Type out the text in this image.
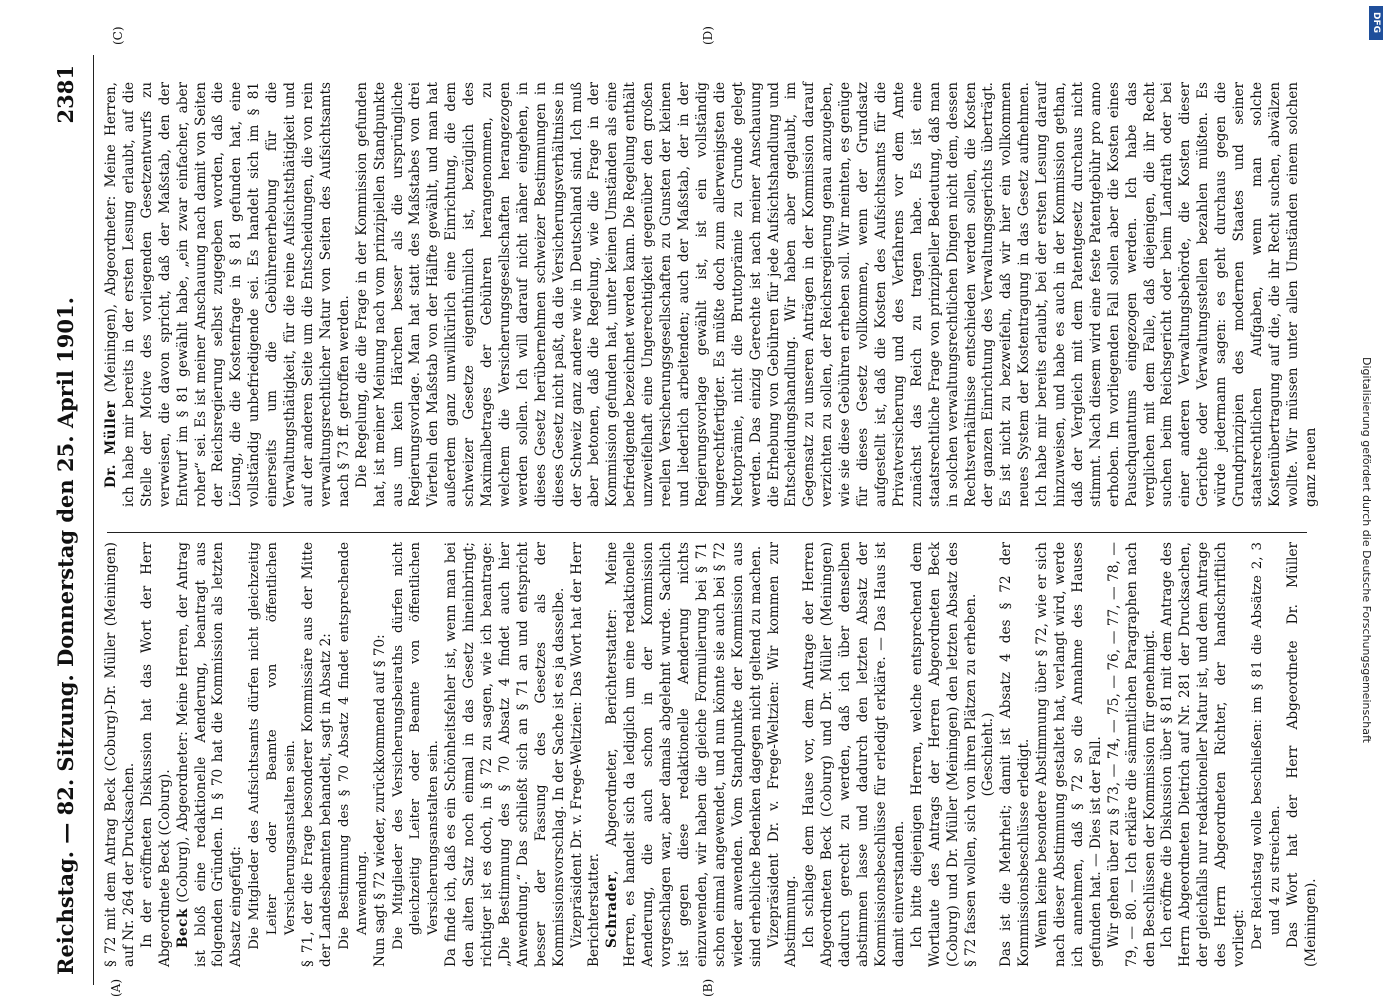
Reichstag. — 82. Sitzung. Donnerstag den 25. April 1901.
2381
(A)	(B)
(C)	(D)

§ 72 mit dem Antrag Beck (Coburg)-Dr. Müller (Meiningen) auf Nr. 264 der Drucksachen. In der eröffneten Diskussion hat das Wort der Herr Abgeordnete Beck (Coburg). Beck (Coburg), Abgeordneter: Meine Herren, der Antrag ist bloß eine redaktionelle Aenderung, beantragt aus folgenden Gründen. In § 70 hat die Kommission als letzten Absatz eingefügt: Die Mitglieder des Aufsichtsamts dürfen nicht gleichzeitig Leiter oder Beamte von öffentlichen Versicherungsanstalten sein. § 71, der die Frage besonderer Kommissäre aus der Mitte der Landesbeamten behandelt, sagt in Absatz 2: Die Bestimmung des § 70 Absatz 4 findet entsprechende Anwendung. Nun sagt § 72 wieder, zurückkommend auf § 70: Die Mitglieder des Versicherungsbeiraths dürfen nicht gleichzeitig Leiter oder Beamte von öffentlichen Versicherungsanstalten sein. Da finde ich, daß es ein Schönheitsfehler ist, wenn man bei den alten Satz noch einmal in das Gesetz hineinbringt; richtiger ist es doch, in § 72 zu sagen, wie ich beantrage: „Die Bestimmung des § 70 Absatz 4 findet auch hier Anwendung.“ Das schließt sich an § 71 an und entspricht besser der Fassung des Gesetzes als der Kommissionsvorschlag. In der Sache ist es ja dasselbe. Vizepräsident Dr. v. Frege-Weltzien: Das Wort hat der Herr Berichterstatter. Schrader, Abgeordneter, Berichterstatter: Meine Herren, es handelt sich da lediglich um eine redaktionelle Aenderung, die auch schon in der Kommission vorgeschlagen war, aber damals abgelehnt wurde. Sachlich ist gegen diese redaktionelle Aenderung nichts einzuwenden, wir haben die gleiche Formulierung bei § 71 schon einmal angewendet, und nun könnte sie auch bei § 72 wieder anwenden. Vom Standpunkte der Kommission aus sind erhebliche Bedenken dagegen nicht geltend zu machen. Vizepräsident Dr. v. Frege-Weltzien: Wir kommen zur Abstimmung. Ich schlage dem Hause vor, dem Antrage der Herren Abgeordneten Beck (Coburg) und Dr. Müller (Meiningen) dadurch gerecht zu werden, daß ich über denselben abstimmen lasse und dadurch den letzten Absatz der Kommissionsbeschlüsse für erledigt erkläre. — Das Haus ist damit einverstanden. Ich bitte diejenigen Herren, welche entsprechend dem Wortlaute des Antrags der Herren Abgeordneten Beck (Coburg) und Dr. Müller (Meiningen) den letzten Absatz des § 72 fassen wollen, sich von ihren Plätzen zu erheben. (Geschieht.) Das ist die Mehrheit; damit ist Absatz 4 des § 72 der Kommissionsbeschlüsse erledigt. Wenn keine besondere Abstimmung über § 72, wie er sich nach dieser Abstimmung gestaltet hat, verlangt wird, werde ich annehmen, daß § 72 so die Annahme des Hauses gefunden hat. — Dies ist der Fall. Wir gehen über zu § 73, — 74, — 75, — 76, — 77, — 78, — 79, — 80. — Ich erkläre die sämmtlichen Paragraphen nach den Beschlüssen der Kommission für genehmigt. Ich eröffne die Diskussion über § 81 mit dem Antrage des Herrn Abgeordneten Dietrich auf Nr. 281 der Drucksachen, der gleichfalls nur redaktioneller Natur ist, und dem Antrage des Herrn Abgeordneten Richter, der handschriftlich vorliegt: Der Reichstag wolle beschließen: im § 81 die Absätze 2, 3 und 4 zu streichen. Das Wort hat der Herr Abgeordnete Dr. Müller (Meiningen).

Dr. Müller (Meiningen), Abgeordneter: Meine Herren, ich habe mir bereits in der ersten Lesung erlaubt, auf die Stelle der Motive des vorliegenden Gesetzentwurfs zu verweisen, die davon spricht, daß der Maßstab, den der Entwurf im § 81 gewählt habe, „ein zwar einfacher, aber roher“ sei. Es ist meiner Anschauung nach damit von Seiten der Reichsregierung selbst zugegeben worden, daß die Lösung, die die Kostenfrage in § 81 gefunden hat, eine vollständig unbefriedigende sei. Es handelt sich im § 81 einerseits um die Gebührenerhebung für die Verwaltungsthätigkeit, für die reine Aufsichtsthätigkeit und auf der anderen Seite um die Entscheidungen, die von rein verwaltungsrechtlicher Natur von Seiten des Aufsichtsamts nach § 73 ff. getroffen werden. Die Regelung, die die Frage in der Kommission gefunden hat, ist meiner Meinung nach vom prinzipiellen Standpunkte aus um kein Härchen besser als die ursprüngliche Regierungsvorlage. Man hat statt des Maßstabes von drei Vierteln den Maßstab von der Hälfte gewählt, und man hat außerdem ganz unwillkürlich eine Einrichtung, die dem schweizer Gesetze eigenthümlich ist, bezüglich des Maximalbetrages der Gebühren herangenommen, zu welchem die Versicherungsgesellschaften herangezogen werden sollen. Ich will darauf nicht näher eingehen, in dieses Gesetz herübernehmen schweizer Bestimmungen in dieses Gesetz nicht paßt, da die Versicherungsverhältnisse in der Schweiz ganz andere wie in Deutschland sind. Ich muß aber betonen, daß die Regelung, wie die Frage in der Kommission gefunden hat, unter keinen Umständen als eine befriedigende bezeichnet werden kann. Die Regelung enthält unzweifelhaft eine Ungerechtigkeit gegenüber den großen reellen Versicherungsgesellschaften zu Gunsten der kleinen und liederlich arbeitenden; auch der Maßstab, der in der Regierungsvorlage gewählt ist, ist ein vollständig ungerechtfertigter. Es müßte doch zum allerwenigsten die Nettoprämie, nicht die Bruttoprämie zu Grunde gelegt werden. Das einzig Gerechte ist nach meiner Anschauung die Erhebung von Gebühren für jede Aufsichtshandlung und Entscheidungshandlung. Wir haben aber geglaubt, im Gegensatz zu unseren Anträgen in der Kommission darauf verzichten zu sollen, der Reichsregierung genau anzugeben, wie sie diese Gebühren erheben soll. Wir meinten, es genüge für dieses Gesetz vollkommen, wenn der Grundsatz aufgestellt ist, daß die Kosten des Aufsichtsamts für die Privatversicherung und des Verfahrens vor dem Amte zunächst das Reich zu tragen habe. Es ist eine staatsrechtliche Frage von prinzipieller Bedeutung, daß man in solchen verwaltungsrechtlichen Dingen nicht dem, dessen Rechtsverhältnisse entschieden werden sollen, die Kosten der ganzen Einrichtung des Verwaltungsgerichts überträgt. Es ist nicht zu bezweifeln, daß wir hier ein vollkommen neues System der Kostentragung in das Gesetz aufnehmen. Ich habe mir bereits erlaubt, bei der ersten Lesung darauf hinzuweisen, und habe es auch in der Kommission gethan, daß der Vergleich mit dem Patentgesetz durchaus nicht stimmt. Nach diesem wird eine feste Patentgebühr pro anno erhoben. Im vorliegenden Fall sollen aber die Kosten eines Pauschquantums eingezogen werden. Ich habe das verglichen mit dem Falle, daß diejenigen, die ihr Recht suchen beim Reichsgericht oder beim Landrath oder bei einer anderen Verwaltungsbehörde, die Kosten dieser Gerichte oder Verwaltungsstellen bezahlen müßten. Es würde jedermann sagen: es geht durchaus gegen die Grundprinzipien des modernen Staates und seiner staatsrechtlichen Aufgaben, wenn man solche Kostenübertragung auf die, die ihr Recht suchen, abwälzen wollte. Wir müssen unter allen Umständen einem solchen ganz neuen	Digitalisierung gefördert durch die Deutsche Forschungsgemeinschaft
DFG
